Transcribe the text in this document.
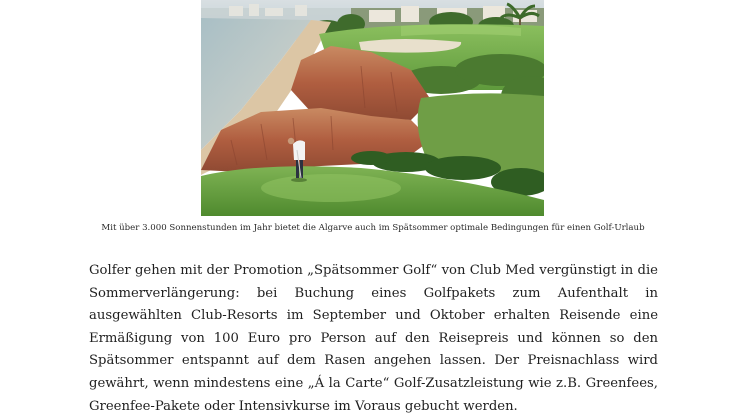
Mit über 3.000 Sonnenstunden im Jahr bietet die Algarve auch im Spätsommer optimale Bedingungen für einen Golf-Urlaub

Golfer gehen mit der Promotion „Spätsommer Golf“ von Club Med vergünstigt in die Sommerverlängerung: bei Buchung eines Golfpakets zum Aufenthalt in ausgewählten Club-Resorts im September und Oktober erhalten Reisende eine Ermäßigung von 100 Euro pro Person auf den Reisepreis und können so den Spätsommer entspannt auf dem Rasen angehen lassen. Der Preisnachlass wird gewährt, wenn mindestens eine „Á la Carte“ Golf-Zusatzleistung wie z.B. Greenfees, Greenfee-Pakete oder Intensivkurse im Voraus gebucht werden.
